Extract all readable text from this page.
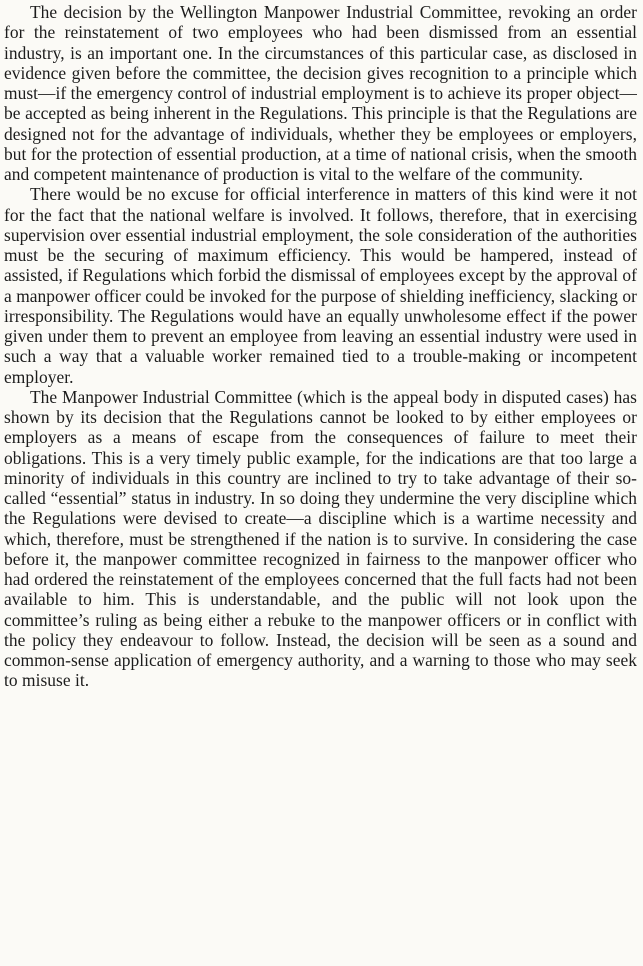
The decision by the Wellington Manpower Industrial Committee, revoking an order for the reinstatement of two employees who had been dismissed from an essential industry, is an important one. In the circumstances of this particular case, as disclosed in evidence given before the committee, the decision gives recognition to a principle which must—if the emergency control of industrial employment is to achieve its proper object—be accepted as being inherent in the Regulations. This principle is that the Regulations are designed not for the advantage of individuals, whether they be employees or employers, but for the protection of essential production, at a time of national crisis, when the smooth and competent maintenance of production is vital to the welfare of the community.

There would be no excuse for official interference in matters of this kind were it not for the fact that the national welfare is involved. It follows, therefore, that in exercising supervision over essential industrial employment, the sole consideration of the authorities must be the securing of maximum efficiency. This would be hampered, instead of assisted, if Regulations which forbid the dismissal of employees except by the approval of a manpower officer could be invoked for the purpose of shielding inefficiency, slacking or irresponsibility. The Regulations would have an equally unwholesome effect if the power given under them to prevent an employee from leaving an essential industry were used in such a way that a valuable worker remained tied to a trouble-making or incompetent employer.

The Manpower Industrial Committee (which is the appeal body in disputed cases) has shown by its decision that the Regulations cannot be looked to by either employees or employers as a means of escape from the consequences of failure to meet their obligations. This is a very timely public example, for the indications are that too large a minority of individuals in this country are inclined to try to take advantage of their so-called “essential” status in industry. In so doing they undermine the very discipline which the Regulations were devised to create—a discipline which is a wartime necessity and which, therefore, must be strengthened if the nation is to survive. In considering the case before it, the manpower committee recognized in fairness to the manpower officer who had ordered the reinstatement of the employees concerned that the full facts had not been available to him. This is understandable, and the public will not look upon the committee’s ruling as being either a rebuke to the manpower officers or in conflict with the policy they endeavour to follow. Instead, the decision will be seen as a sound and common-sense application of emergency authority, and a warning to those who may seek to misuse it.
